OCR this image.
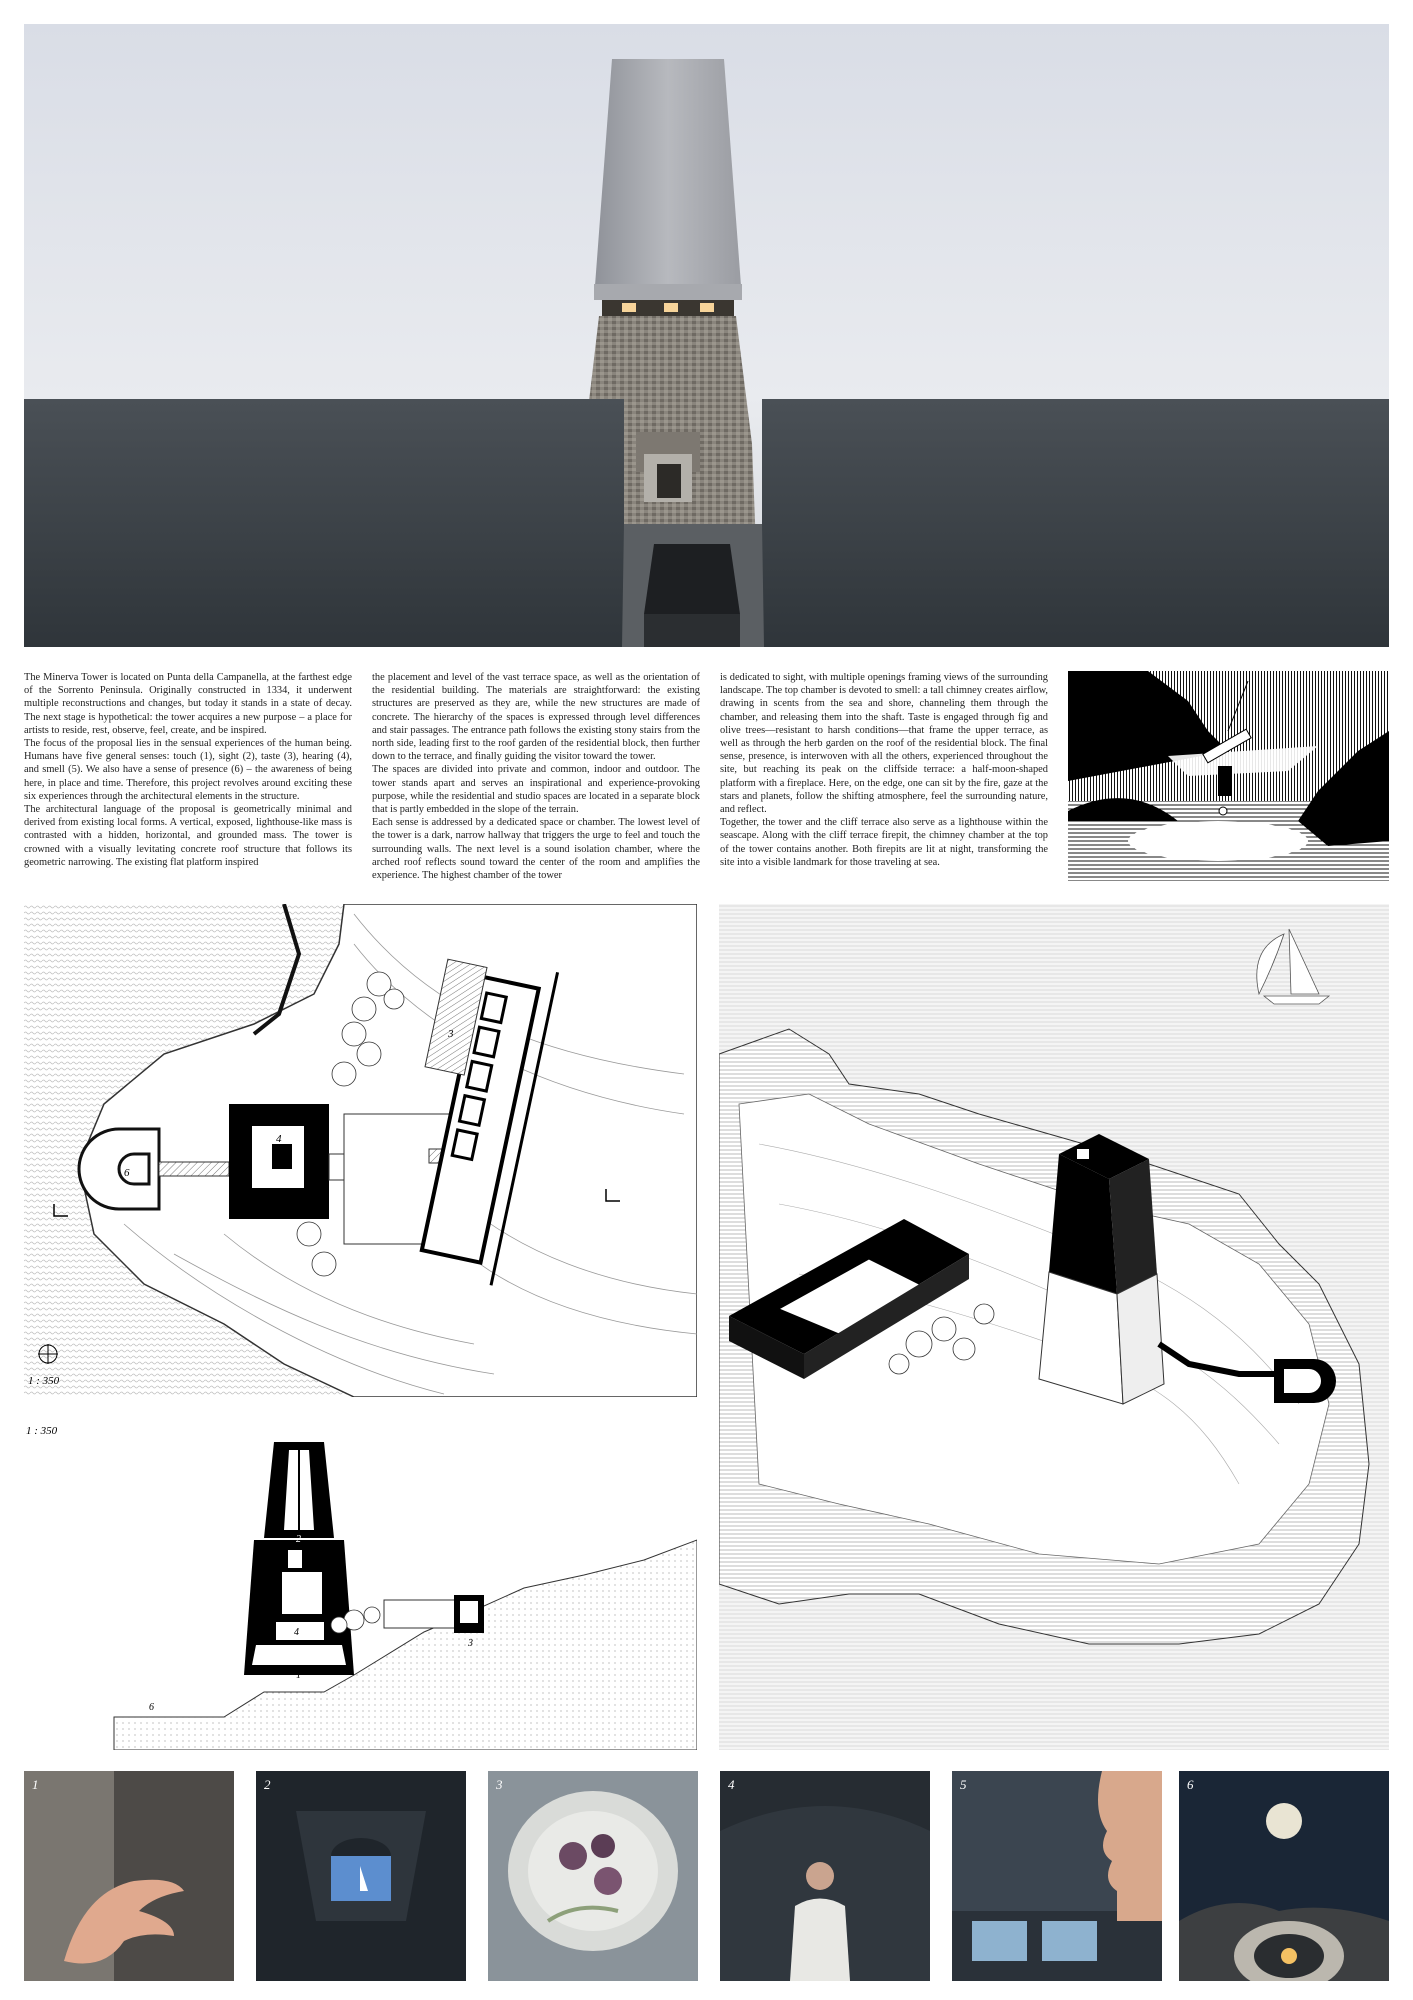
The Minerva Tower is located on Punta della Campanella, at the farthest edge of the Sorrento Peninsula. Originally constructed in 1334, it underwent multiple reconstructions and changes, but today it stands in a state of decay. The next stage is hypothetical: the tower acquires a new purpose – a place for artists to reside, rest, observe, feel, create, and be inspired.

The focus of the proposal lies in the sensual experiences of the human being. Humans have five general senses: touch (1), sight (2), taste (3), hearing (4), and smell (5). We also have a sense of presence (6) – the awareness of being here, in place and time. Therefore, this project revolves around exciting these six experiences through the architectural elements in the structure.

The architectural language of the proposal is geometrically minimal and derived from existing local forms. A vertical, exposed, lighthouse-like mass is contrasted with a hidden, horizontal, and grounded mass. The tower is crowned with a visually levitating concrete roof structure that follows its geometric narrowing. The existing flat platform inspired

the placement and level of the vast terrace space, as well as the orientation of the residential building. The materials are straightforward: the existing structures are preserved as they are, while the new structures are made of concrete. The hierarchy of the spaces is expressed through level differences and stair passages. The entrance path follows the existing stony stairs from the north side, leading first to the roof garden of the residential block, then further down to the terrace, and finally guiding the visitor toward the tower.

The spaces are divided into private and common, indoor and outdoor. The tower stands apart and serves an inspirational and experience-provoking purpose, while the residential and studio spaces are located in a separate block that is partly embedded in the slope of the terrain.

Each sense is addressed by a dedicated space or chamber. The lowest level of the tower is a dark, narrow hallway that triggers the urge to feel and touch the surrounding walls. The next level is a sound isolation chamber, where the arched roof reflects sound toward the center of the room and amplifies the experience. The highest chamber of the tower

is dedicated to sight, with multiple openings framing views of the surrounding landscape. The top chamber is devoted to smell: a tall chimney creates airflow, drawing in scents from the sea and shore, channeling them through the chamber, and releasing them into the shaft. Taste is engaged through fig and olive trees—resistant to harsh conditions—that frame the upper terrace, as well as through the herb garden on the roof of the residential block. The final sense, presence, is interwoven with all the others, experienced throughout the site, but reaching its peak on the cliffside terrace: a half-moon-shaped platform with a fireplace. Here, on the edge, one can sit by the fire, gaze at the stars and planets, follow the shifting atmosphere, feel the surrounding nature, and reflect.

Together, the tower and the cliff terrace also serve as a lighthouse within the seascape. Along with the cliff terrace firepit, the chimney chamber at the top of the tower contains another. Both firepits are lit at night, transforming the site into a visible landmark for those traveling at sea.

6
4
3
1 : 350
1 : 350
2
4
1
3
6
1	2	3	4	5	6
